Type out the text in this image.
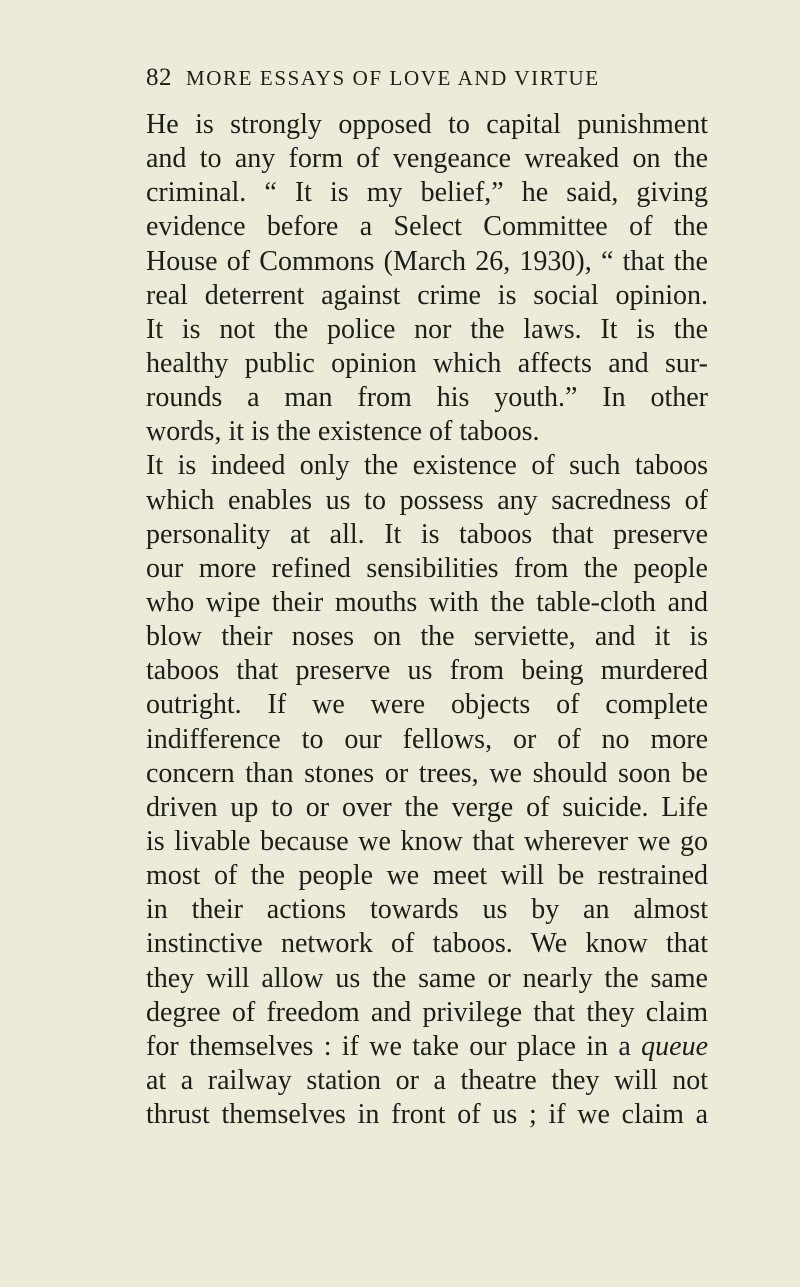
82 MORE ESSAYS OF LOVE AND VIRTUE
He is strongly opposed to capital punishment
and to any form of vengeance wreaked on the
criminal. “ It is my belief,” he said, giving
evidence before a Select Committee of the
House of Commons (March 26, 1930), “ that the
real deterrent against crime is social opinion.
It is not the police nor the laws. It is the
healthy public opinion which affects and sur-
rounds a man from his youth.” In other
words, it is the existence of taboos.
It is indeed only the existence of such taboos
which enables us to possess any sacredness of
personality at all. It is taboos that preserve
our more refined sensibilities from the people
who wipe their mouths with the table-cloth and
blow their noses on the serviette, and it is
taboos that preserve us from being murdered
outright. If we were objects of complete
indifference to our fellows, or of no more
concern than stones or trees, we should soon be
driven up to or over the verge of suicide. Life
is livable because we know that wherever we go
most of the people we meet will be restrained
in their actions towards us by an almost
instinctive network of taboos. We know that
they will allow us the same or nearly the same
degree of freedom and privilege that they claim
for themselves : if we take our place in a queue
at a railway station or a theatre they will not
thrust themselves in front of us ; if we claim a
